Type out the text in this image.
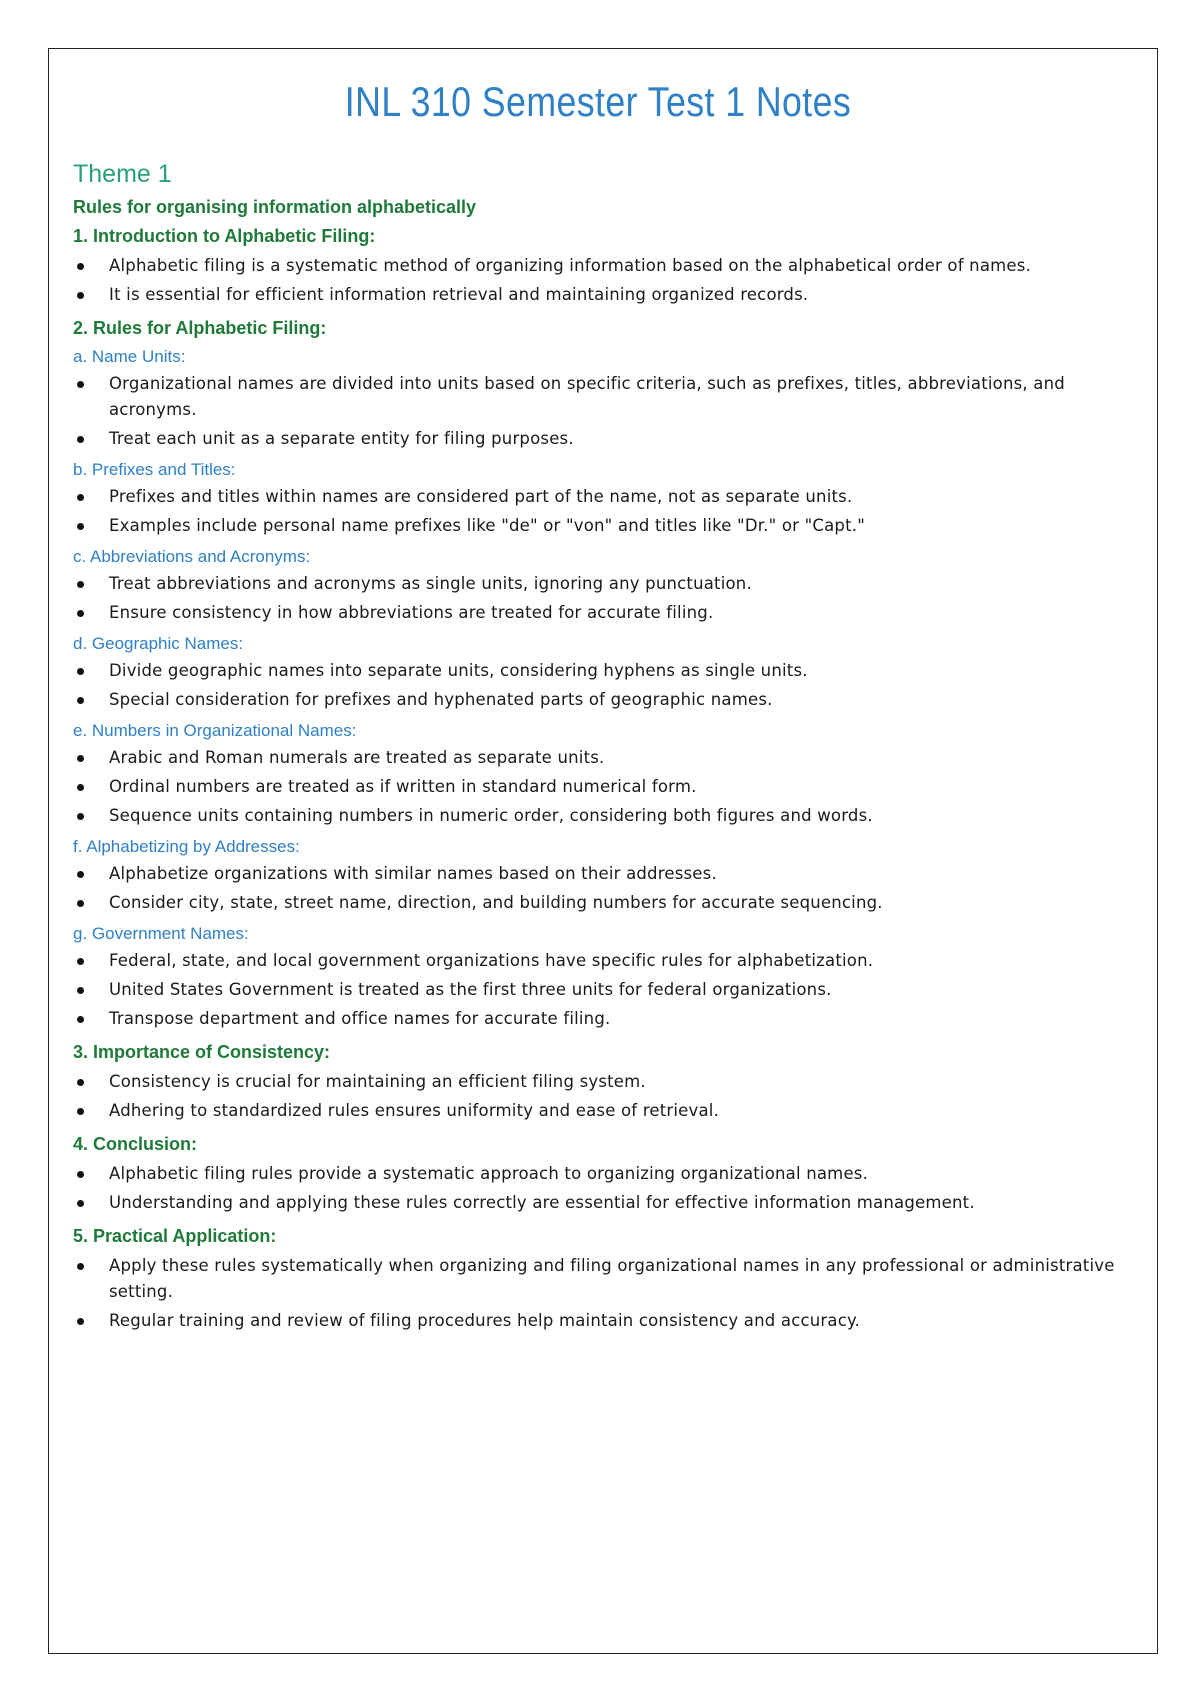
INL 310 Semester Test 1 Notes
Theme 1
Rules for organising information alphabetically
1. Introduction to Alphabetic Filing:
Alphabetic filing is a systematic method of organizing information based on the alphabetical order of names.
It is essential for efficient information retrieval and maintaining organized records.
2. Rules for Alphabetic Filing:
a. Name Units:
Organizational names are divided into units based on specific criteria, such as prefixes, titles, abbreviations, and acronyms.
Treat each unit as a separate entity for filing purposes.
b. Prefixes and Titles:
Prefixes and titles within names are considered part of the name, not as separate units.
Examples include personal name prefixes like "de" or "von" and titles like "Dr." or "Capt."
c. Abbreviations and Acronyms:
Treat abbreviations and acronyms as single units, ignoring any punctuation.
Ensure consistency in how abbreviations are treated for accurate filing.
d. Geographic Names:
Divide geographic names into separate units, considering hyphens as single units.
Special consideration for prefixes and hyphenated parts of geographic names.
e. Numbers in Organizational Names:
Arabic and Roman numerals are treated as separate units.
Ordinal numbers are treated as if written in standard numerical form.
Sequence units containing numbers in numeric order, considering both figures and words.
f. Alphabetizing by Addresses:
Alphabetize organizations with similar names based on their addresses.
Consider city, state, street name, direction, and building numbers for accurate sequencing.
g. Government Names:
Federal, state, and local government organizations have specific rules for alphabetization.
United States Government is treated as the first three units for federal organizations.
Transpose department and office names for accurate filing.
3. Importance of Consistency:
Consistency is crucial for maintaining an efficient filing system.
Adhering to standardized rules ensures uniformity and ease of retrieval.
4. Conclusion:
Alphabetic filing rules provide a systematic approach to organizing organizational names.
Understanding and applying these rules correctly are essential for effective information management.
5. Practical Application:
Apply these rules systematically when organizing and filing organizational names in any professional or administrative setting.
Regular training and review of filing procedures help maintain consistency and accuracy.
